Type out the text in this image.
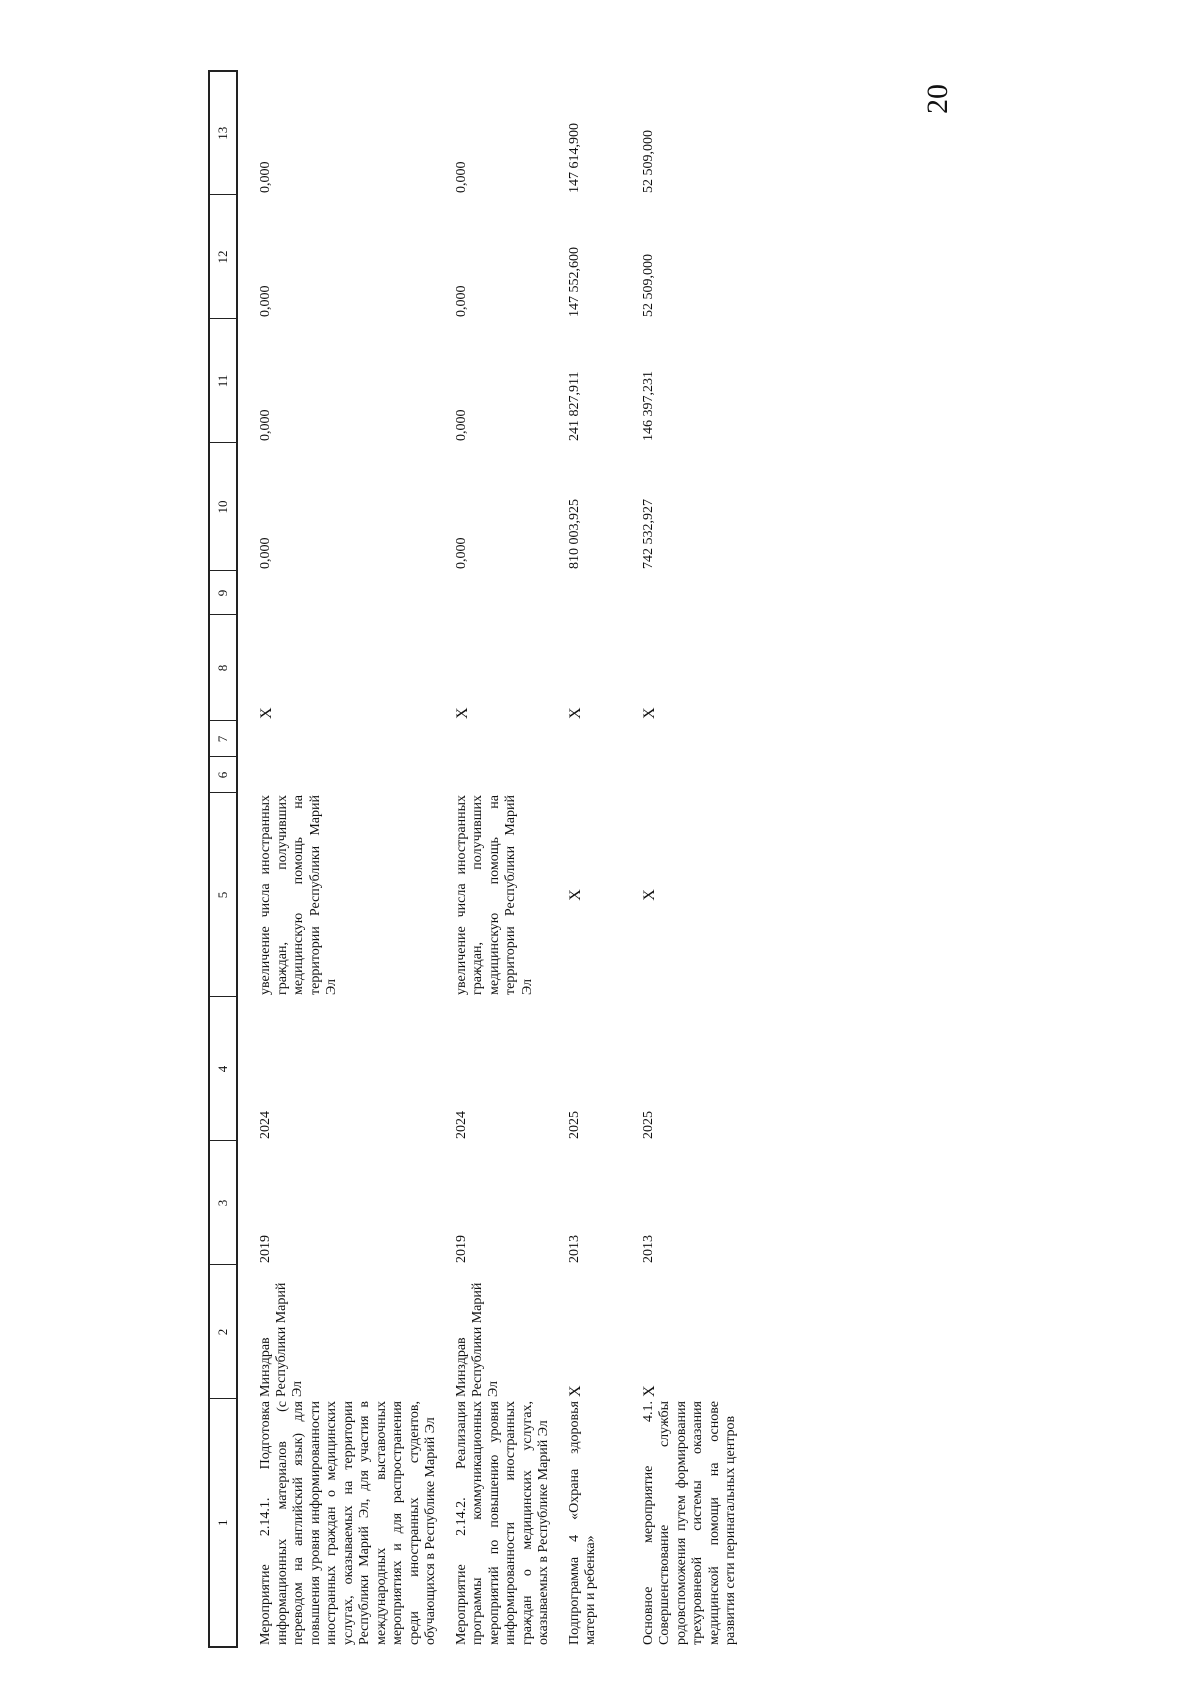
20
1	2	3	4	5	6	7	8	9	10	11	12	13
Мероприятие 2.14.1. Подготовка информационных материалов (с переводом на английский язык) для повышения уровня информированности иностранных граждан о медицинских услугах, оказываемых на территории Республики Марий Эл, для участия в международных выставочных мероприятиях и для распространения среди иностранных студентов, обучающихся в Республике Марий Эл	Минздрав Республики Марий Эл	2019	2024	увеличение числа иностранных граждан, получивших медицинскую помощь на территории Республики Марий Эл			X		0,000	0,000	0,000	0,000
Мероприятие 2.14.2. Реализация программы коммуникационных мероприятий по повышению уровня информированности иностранных граждан о медицинских услугах, оказываемых в Республике Марий Эл	Минздрав Республики Марий Эл	2019	2024	увеличение числа иностранных граждан, получивших медицинскую помощь на территории Республики Марий Эл			X		0,000	0,000	0,000	0,000
Подпрограмма 4 «Охрана здоровья матери и ребенка»	X	2013	2025	X			X		810 003,925	241 827,911	147 552,600	147 614,900
Основное мероприятие 4.1. Совершенствование службы родовспоможения путем формирования трехуровневой системы оказания медицинской помощи на основе развития сети перинатальных центров	X	2013	2025	X			X		742 532,927	146 397,231	52 509,000	52 509,000
